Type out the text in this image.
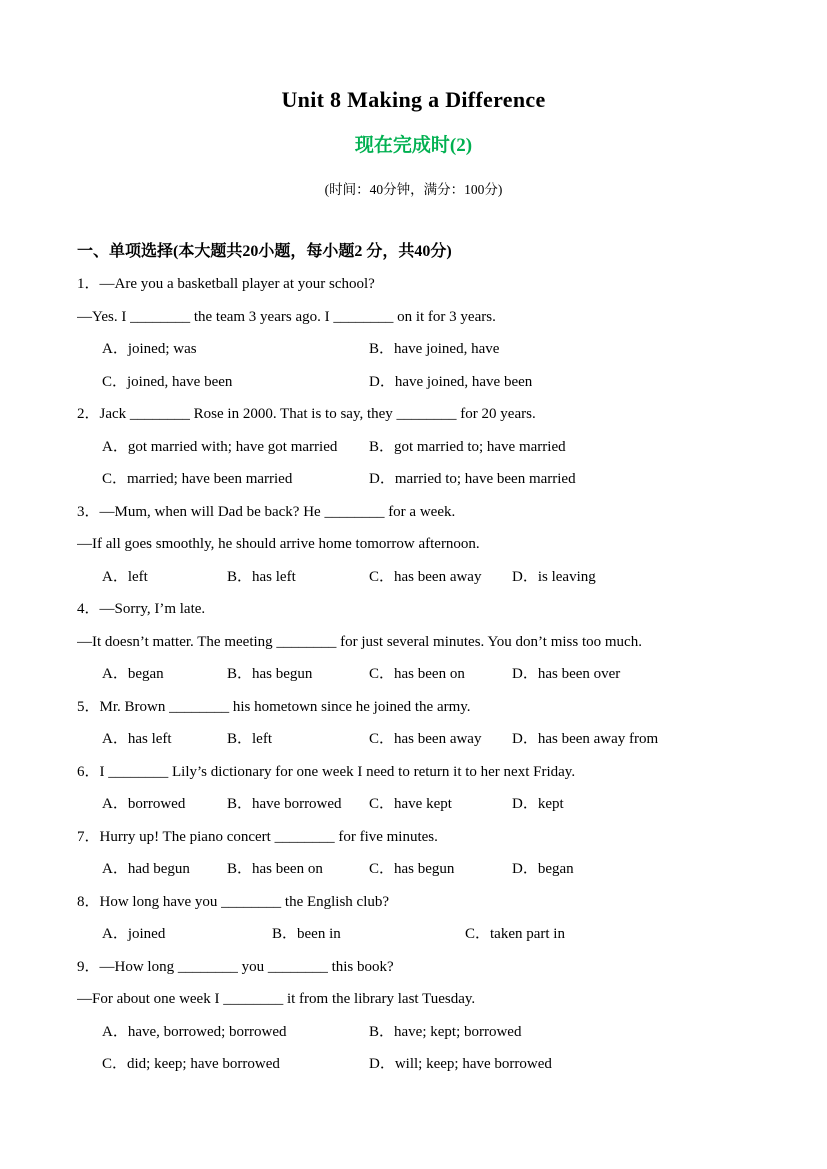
Unit 8 Making a Difference
现在完成时(2)
(时间：40分钟，满分：100分)
一、单项选择(本大题共20小题，每小题2 分，共40分)
1．—Are you a basketball player at your school?
—Yes. I ________ the team 3 years ago. I ________ on it for 3 years.
A．joined; was	B．have joined, have
C．joined, have been	D．have joined, have been
2．Jack ________ Rose in 2000. That is to say, they ________ for 20 years.
A．got married with; have got married	B．got married to; have married
C．married; have been married	D．married to; have been married
3．—Mum, when will Dad be back? He ________ for a week.
—If all goes smoothly, he should arrive home tomorrow afternoon.
A．left	B．has left	C．has been away	D．is leaving
4．—Sorry, I’m late.
—It doesn’t matter. The meeting ________ for just several minutes. You don’t miss too much.
A．began	B．has begun	C．has been on	D．has been over
5．Mr. Brown ________ his hometown since he joined the army.
A．has left	B．left	C．has been away	D．has been away from
6．I ________ Lily’s dictionary for one week I need to return it to her next Friday.
A．borrowed	B．have borrowed	C．have kept	D．kept
7．Hurry up! The piano concert ________ for five minutes.
A．had begun	B．has been on	C．has begun	D．began
8．How long have you ________ the English club?
A．joined	B．been in	C．taken part in
9．—How long ________ you ________ this book?
—For about one week I ________ it from the library last Tuesday.
A．have, borrowed; borrowed	B．have; kept; borrowed
C．did; keep; have borrowed	D．will; keep; have borrowed
